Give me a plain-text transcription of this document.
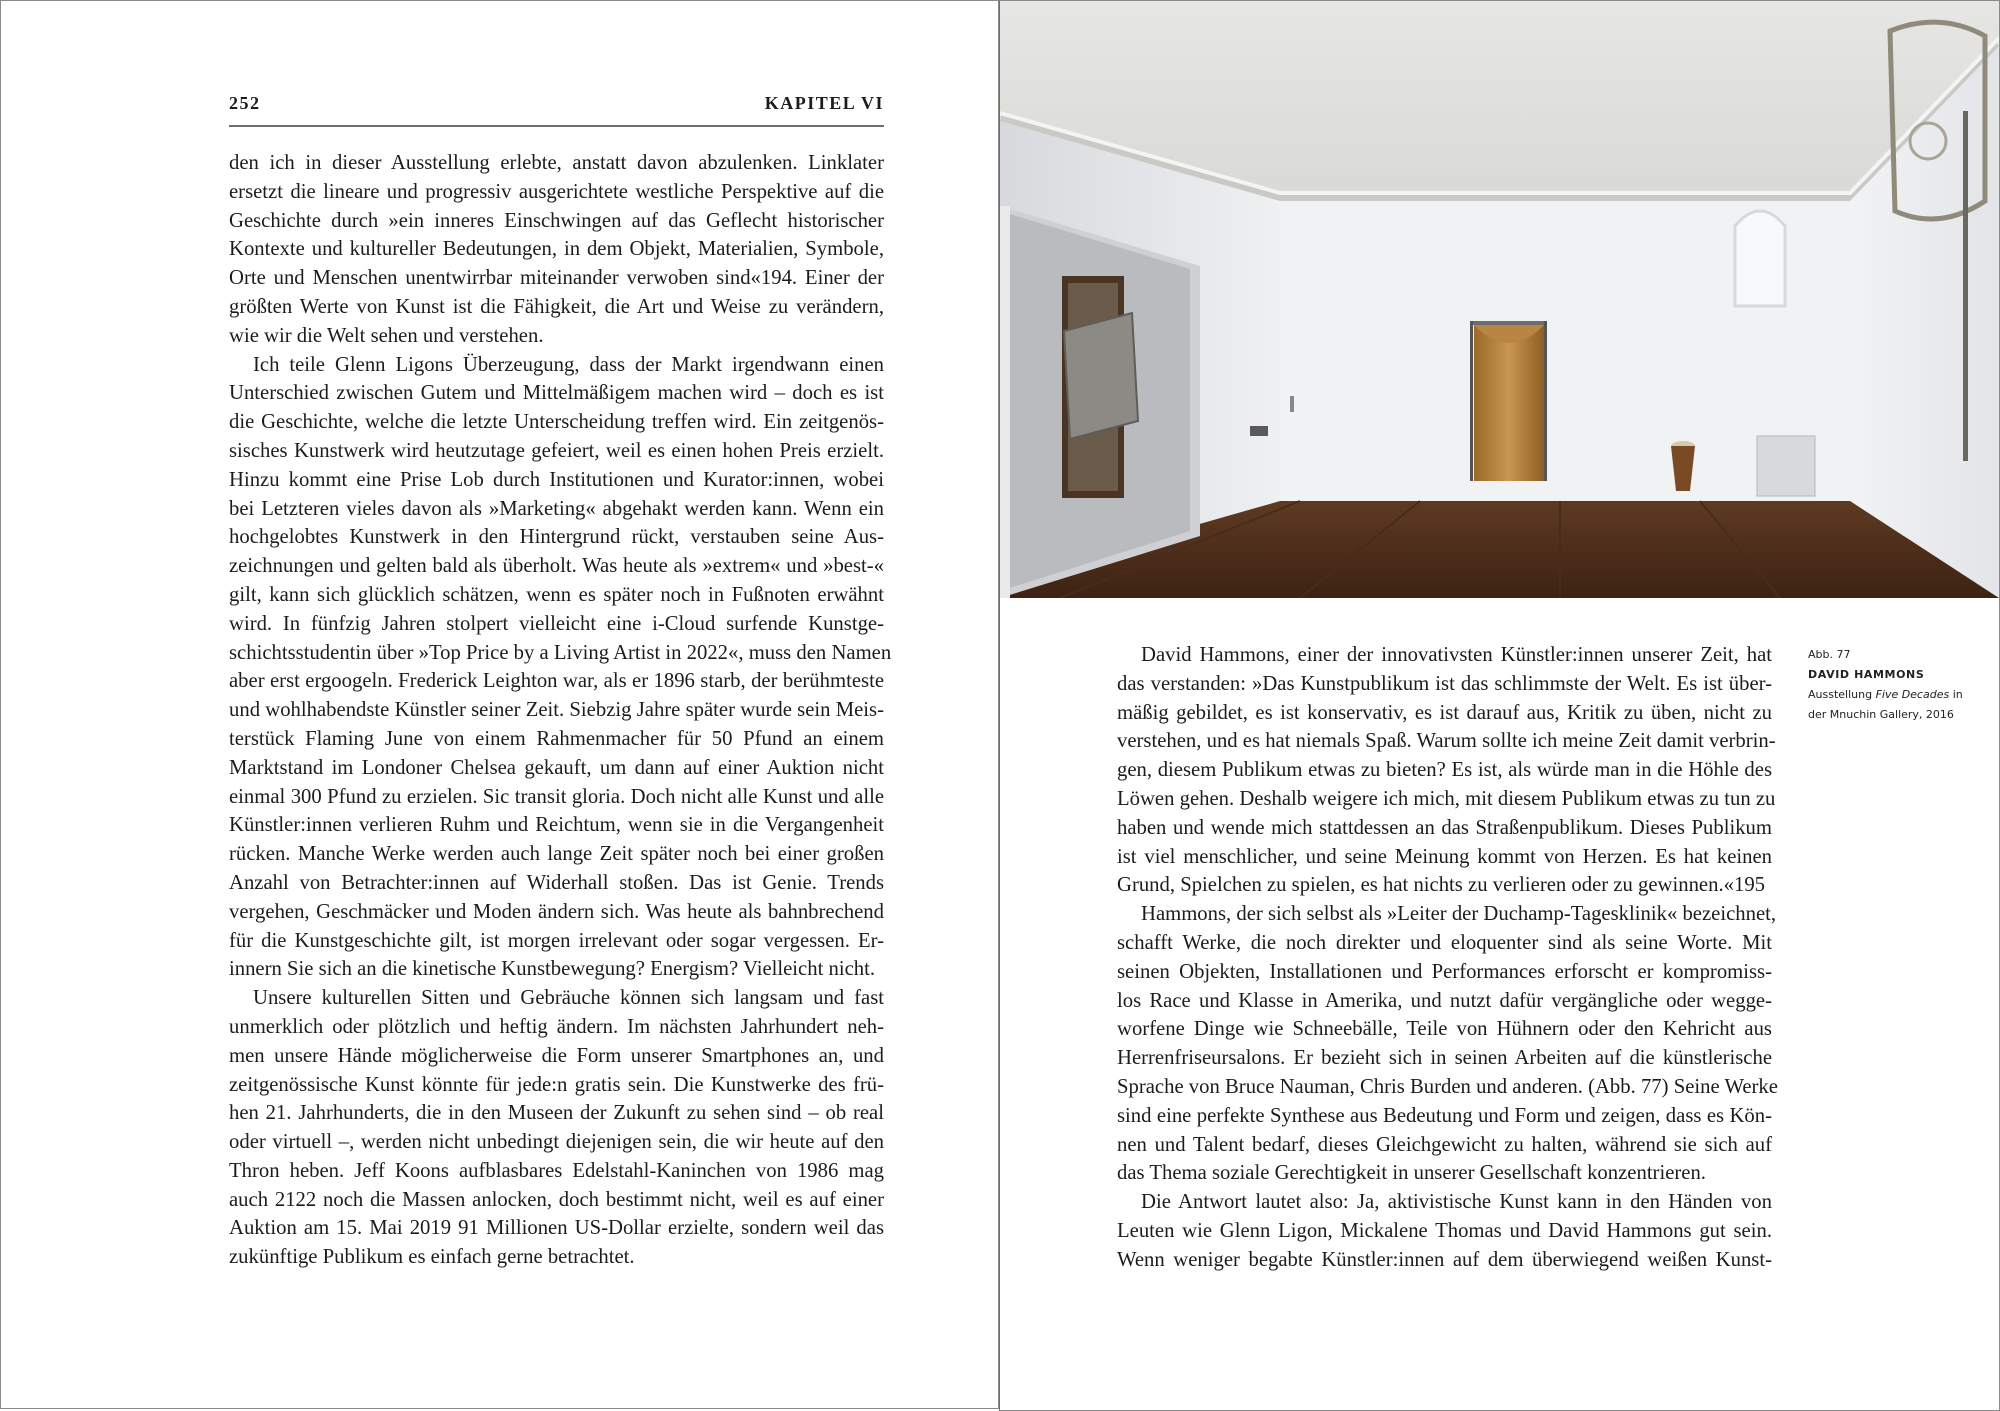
252	KAPITEL VI
den ich in dieser Ausstellung erlebte, anstatt davon abzulenken. Linklater
ersetzt die lineare und progressiv ausgerichtete westliche Perspektive auf die
Geschichte durch »ein inneres Einschwingen auf das Geflecht historischer
Kontexte und kultureller Bedeutungen, in dem Objekt, Materialien, Symbole,
Orte und Menschen unentwirrbar miteinander verwoben sind«194. Einer der
größten Werte von Kunst ist die Fähigkeit, die Art und Weise zu verändern,
wie wir die Welt sehen und verstehen.
Ich teile Glenn Ligons Überzeugung, dass der Markt irgendwann einen
Unterschied zwischen Gutem und Mittelmäßigem machen wird – doch es ist
die Geschichte, welche die letzte Unterscheidung treffen wird. Ein zeitgenös-
sisches Kunstwerk wird heutzutage gefeiert, weil es einen hohen Preis erzielt.
Hinzu kommt eine Prise Lob durch Institutionen und Kurator:innen, wobei
bei Letzteren vieles davon als »Marketing« abgehakt werden kann. Wenn ein
hochgelobtes Kunstwerk in den Hintergrund rückt, verstauben seine Aus-
zeichnungen und gelten bald als überholt. Was heute als »extrem« und »best-«
gilt, kann sich glücklich schätzen, wenn es später noch in Fußnoten erwähnt
wird. In fünfzig Jahren stolpert vielleicht eine i-Cloud surfende Kunstge-
schichtsstudentin über »Top Price by a Living Artist in 2022«, muss den Namen
aber erst ergoogeln. Frederick Leighton war, als er 1896 starb, der berühmteste
und wohlhabendste Künstler seiner Zeit. Siebzig Jahre später wurde sein Meis-
terstück Flaming June von einem Rahmenmacher für 50 Pfund an einem
Marktstand im Londoner Chelsea gekauft, um dann auf einer Auktion nicht
einmal 300 Pfund zu erzielen. Sic transit gloria. Doch nicht alle Kunst und alle
Künstler:innen verlieren Ruhm und Reichtum, wenn sie in die Vergangenheit
rücken. Manche Werke werden auch lange Zeit später noch bei einer großen
Anzahl von Betrachter:innen auf Widerhall stoßen. Das ist Genie. Trends
vergehen, Geschmäcker und Moden ändern sich. Was heute als bahnbrechend
für die Kunstgeschichte gilt, ist morgen irrelevant oder sogar vergessen. Er-
innern Sie sich an die kinetische Kunstbewegung? Energism? Vielleicht nicht.
Unsere kulturellen Sitten und Gebräuche können sich langsam und fast
unmerklich oder plötzlich und heftig ändern. Im nächsten Jahrhundert neh-
men unsere Hände möglicherweise die Form unserer Smartphones an, und
zeitgenössische Kunst könnte für jede:n gratis sein. Die Kunstwerke des frü-
hen 21. Jahrhunderts, die in den Museen der Zukunft zu sehen sind – ob real
oder virtuell –, werden nicht unbedingt diejenigen sein, die wir heute auf den
Thron heben. Jeff Koons aufblasbares Edelstahl-Kaninchen von 1986 mag
auch 2122 noch die Massen anlocken, doch bestimmt nicht, weil es auf einer
Auktion am 15. Mai 2019 91 Millionen US-Dollar erzielte, sondern weil das
zukünftige Publikum es einfach gerne betrachtet.
Abb. 77
DAVID HAMMONS
Ausstellung Five Decades in
der Mnuchin Gallery, 2016
David Hammons, einer der innovativsten Künstler:innen unserer Zeit, hat
das verstanden: »Das Kunstpublikum ist das schlimmste der Welt. Es ist über-
mäßig gebildet, es ist konservativ, es ist darauf aus, Kritik zu üben, nicht zu
verstehen, und es hat niemals Spaß. Warum sollte ich meine Zeit damit verbrin-
gen, diesem Publikum etwas zu bieten? Es ist, als würde man in die Höhle des
Löwen gehen. Deshalb weigere ich mich, mit diesem Publikum etwas zu tun zu
haben und wende mich stattdessen an das Straßenpublikum. Dieses Publikum
ist viel menschlicher, und seine Meinung kommt von Herzen. Es hat keinen
Grund, Spielchen zu spielen, es hat nichts zu verlieren oder zu gewinnen.«195
Hammons, der sich selbst als »Leiter der Duchamp-Tagesklinik« bezeichnet,
schafft Werke, die noch direkter und eloquenter sind als seine Worte. Mit
seinen Objekten, Installationen und Performances erforscht er kompromiss-
los Race und Klasse in Amerika, und nutzt dafür vergängliche oder wegge-
worfene Dinge wie Schneebälle, Teile von Hühnern oder den Kehricht aus
Herrenfriseursalons. Er bezieht sich in seinen Arbeiten auf die künstlerische
Sprache von Bruce Nauman, Chris Burden und anderen. (Abb. 77) Seine Werke
sind eine perfekte Synthese aus Bedeutung und Form und zeigen, dass es Kön-
nen und Talent bedarf, dieses Gleichgewicht zu halten, während sie sich auf
das Thema soziale Gerechtigkeit in unserer Gesellschaft konzentrieren.
Die Antwort lautet also: Ja, aktivistische Kunst kann in den Händen von
Leuten wie Glenn Ligon, Mickalene Thomas und David Hammons gut sein.
Wenn weniger begabte Künstler:innen auf dem überwiegend weißen Kunst-
